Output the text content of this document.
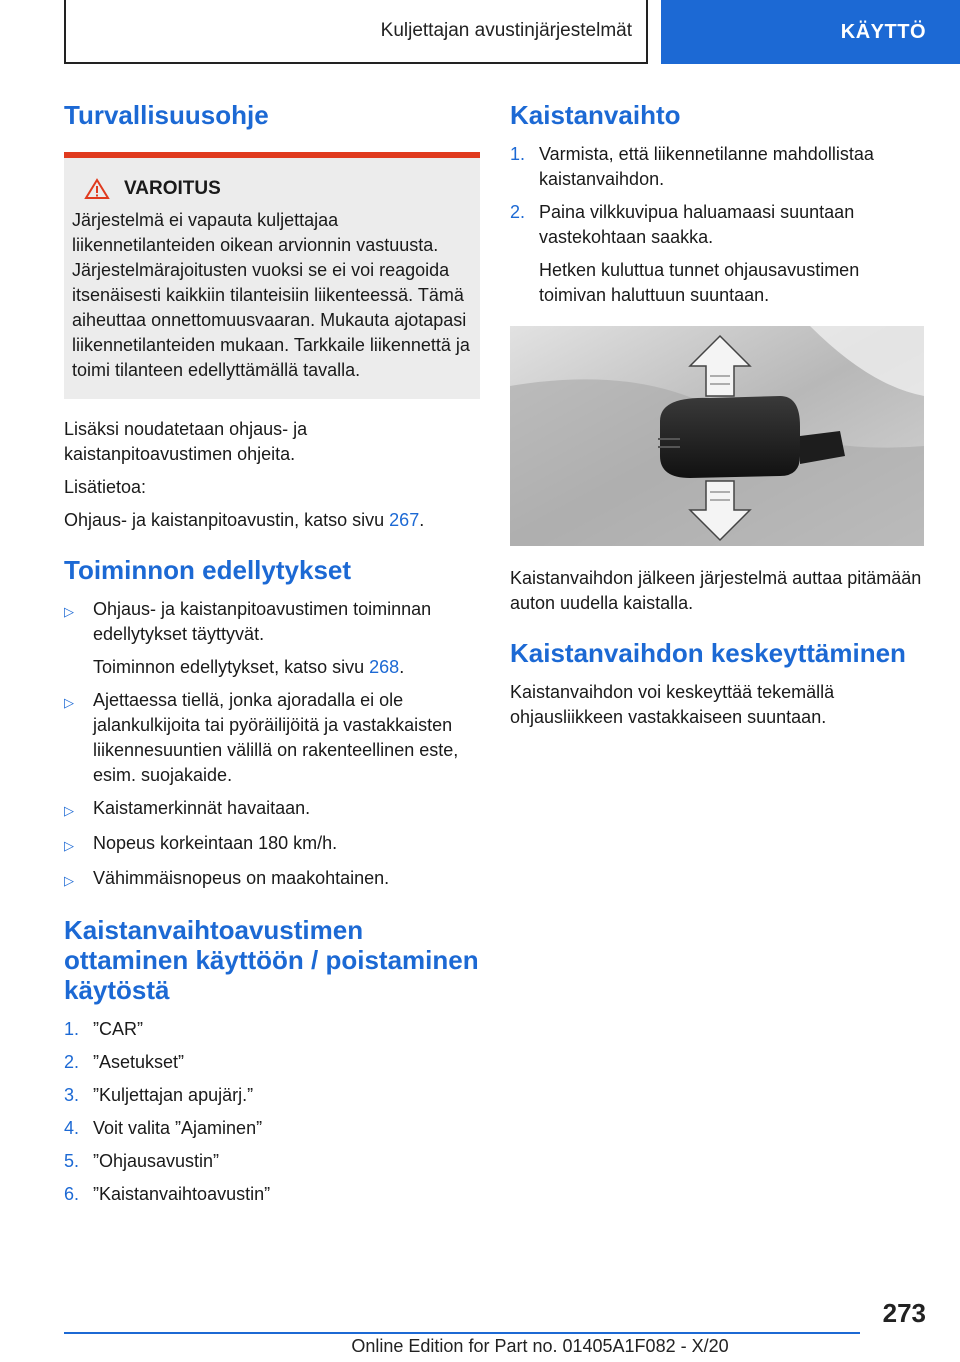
Kuljettajan avustinjärjestelmät	KÄYTTÖ
Turvallisuusohje
VAROITUS

Järjestelmä ei vapauta kuljettajaa liikennetilanteiden oikean arvionnin vastuusta. Järjestelmärajoitusten vuoksi se ei voi reagoida itsenäisesti kaikkiin tilanteisiin liikenteessä. Tämä aiheuttaa onnettomuusvaaran. Mukauta ajotapasi liikennetilanteiden mukaan. Tarkkaile liikennettä ja toimi tilanteen edellyttämällä tavalla.

Lisäksi noudatetaan ohjaus- ja kaistanpitoavustimen ohjeita.

Lisätietoa:

Ohjaus- ja kaistanpitoavustin, katso sivu 267.

Toiminnon edellytykset
▷	Ohjaus- ja kaistanpitoavustimen toiminnan edellytykset täyttyvät.

Toiminnon edellytykset, katso sivu 268.

▷	Ajettaessa tiellä, jonka ajoradalla ei ole jalankulkijoita tai pyöräilijöitä ja vastakkaisten liikennesuuntien välillä on rakenteellinen este, esim. suojakaide.

▷	Kaistamerkinnät havaitaan.

▷	Nopeus korkeintaan 180 km/h.

▷	Vähimmäisnopeus on maakohtainen.

Kaistanvaihtoavustimen ottaminen käyttöön / poistaminen käytöstä
1. ”CAR”
2. ”Asetukset”
3. ”Kuljettajan apujärj.”
4. Voit valita ”Ajaminen”
5. ”Ohjausavustin”
6. ”Kaistanvaihtoavustin”
Kaistanvaihto
1. Varmista, että liikennetilanne mahdollistaa kaistanvaihdon.
2. Paina vilkkuvipua haluamaasi suuntaan vastekohtaan saakka.

Hetken kuluttua tunnet ohjausavustimen toimivan haluttuun suuntaan.

Kaistanvaihdon jälkeen järjestelmä auttaa pitämään auton uudella kaistalla.

Kaistanvaihdon keskeyttäminen

Kaistanvaihdon voi keskeyttää tekemällä ohjausliikkeen vastakkaiseen suuntaan.

273
Online Edition for Part no. 01405A1F082 - X/20
